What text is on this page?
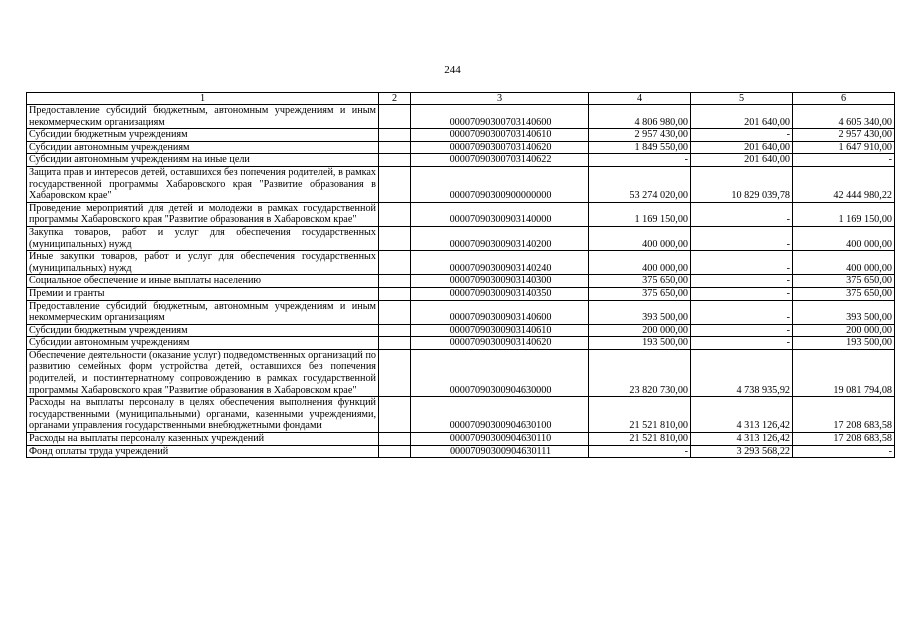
244
1	2	3	4	5	6
Предоставление субсидий бюджетным, автономным учреждениям и иным некоммерческим организациям		00007090300703140600	4 806 980,00	201 640,00	4 605 340,00
Субсидии бюджетным учреждениям		00007090300703140610	2 957 430,00	-	2 957 430,00
Субсидии автономным учреждениям		00007090300703140620	1 849 550,00	201 640,00	1 647 910,00
Субсидии автономным учреждениям на иные цели		00007090300703140622	-	201 640,00	-
Защита прав и интересов детей, оставшихся без попечения родителей, в рамках государственной программы Хабаровского края "Развитие образования в Хабаровском крае"		00007090300900000000	53 274 020,00	10 829 039,78	42 444 980,22
Проведение мероприятий для детей и молодежи в рамках государственной программы Хабаровского края "Развитие образования в Хабаровском крае"		00007090300903140000	1 169 150,00	-	1 169 150,00
Закупка товаров, работ и услуг для обеспечения государственных (муниципальных) нужд		00007090300903140200	400 000,00	-	400 000,00
Иные закупки товаров, работ и услуг для обеспечения государственных (муниципальных) нужд		00007090300903140240	400 000,00	-	400 000,00
Социальное обеспечение и иные выплаты населению		00007090300903140300	375 650,00	-	375 650,00
Премии и гранты		00007090300903140350	375 650,00	-	375 650,00
Предоставление субсидий бюджетным, автономным учреждениям и иным некоммерческим организациям		00007090300903140600	393 500,00	-	393 500,00
Субсидии бюджетным учреждениям		00007090300903140610	200 000,00	-	200 000,00
Субсидии автономным учреждениям		00007090300903140620	193 500,00	-	193 500,00
Обеспечение деятельности (оказание услуг) подведомственных организаций по развитию семейных форм устройства детей, оставшихся без попечения родителей, и постинтернатному сопровождению в рамках государственной программы Хабаровского края "Развитие образования в Хабаровском крае"		00007090300904630000	23 820 730,00	4 738 935,92	19 081 794,08
Расходы на выплаты персоналу в целях обеспечения выполнения функций государственными (муниципальными) органами, казенными учреждениями, органами управления государственными внебюджетными фондами		00007090300904630100	21 521 810,00	4 313 126,42	17 208 683,58
Расходы на выплаты персоналу казенных учреждений		00007090300904630110	21 521 810,00	4 313 126,42	17 208 683,58
Фонд оплаты труда учреждений		00007090300904630111	-	3 293 568,22	-
